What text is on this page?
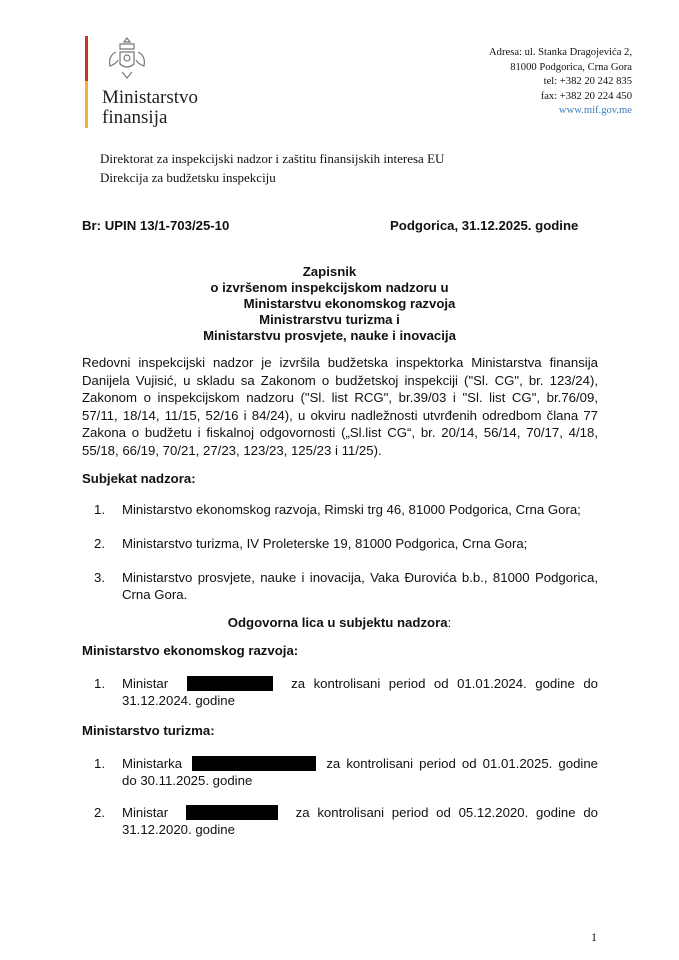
Ministarstvo
finansija
Adresa: ul. Stanka Dragojevića 2,
81000 Podgorica, Crna Gora
tel: +382 20 242 835
fax: +382 20 224 450
www.mif.gov.me
Direktorat za inspekcijski nadzor i zaštitu finansijskih interesa EU
Direkcija za budžetsku inspekciju
Br: UPIN 13/1-703/25-10	Podgorica, 31.12.2025. godine
Zapisnik
o izvršenom inspekcijskom nadzoru u
Ministarstvu ekonomskog razvoja
Ministrarstvu turizma i
Ministarstvu prosvjete, nauke i inovacija
Redovni inspekcijski nadzor je izvršila budžetska inspektorka Ministarstva finansija Danijela Vujisić, u skladu sa Zakonom o budžetskoj inspekciji ("Sl. CG", br. 123/24), Zakonom o inspekcijskom nadzoru ("Sl. list RCG", br.39/03 i "Sl. list CG", br.76/09, 57/11, 18/14, 11/15, 52/16 i 84/24), u okviru nadležnosti utvrđenih odredbom člana 77 Zakona o budžetu i fiskalnoj odgovornosti („Sl.list CG“, br. 20/14, 56/14, 70/17, 4/18, 55/18, 66/19, 70/21, 27/23, 123/23, 125/23 i 11/25).
Subjekat nadzora:
1. Ministarstvo ekonomskog razvoja, Rimski trg 46, 81000 Podgorica, Crna Gora;
2. Ministarstvo turizma, IV Proleterske 19, 81000 Podgorica, Crna Gora;
3. Ministarstvo prosvjete, nauke i inovacija, Vaka Đurovića b.b., 81000 Podgorica, Crna Gora.
Odgovorna lica u subjektu nadzora:
Ministarstvo ekonomskog razvoja:
1. Ministar	za kontrolisani period od 01.01.2024. godine do 31.12.2024. godine
Ministarstvo turizma:
1. Ministarka	za kontrolisani period od 01.01.2025. godine do 30.11.2025. godine
2. Ministar	za kontrolisani period od 05.12.2020. godine do 31.12.2020. godine
1
